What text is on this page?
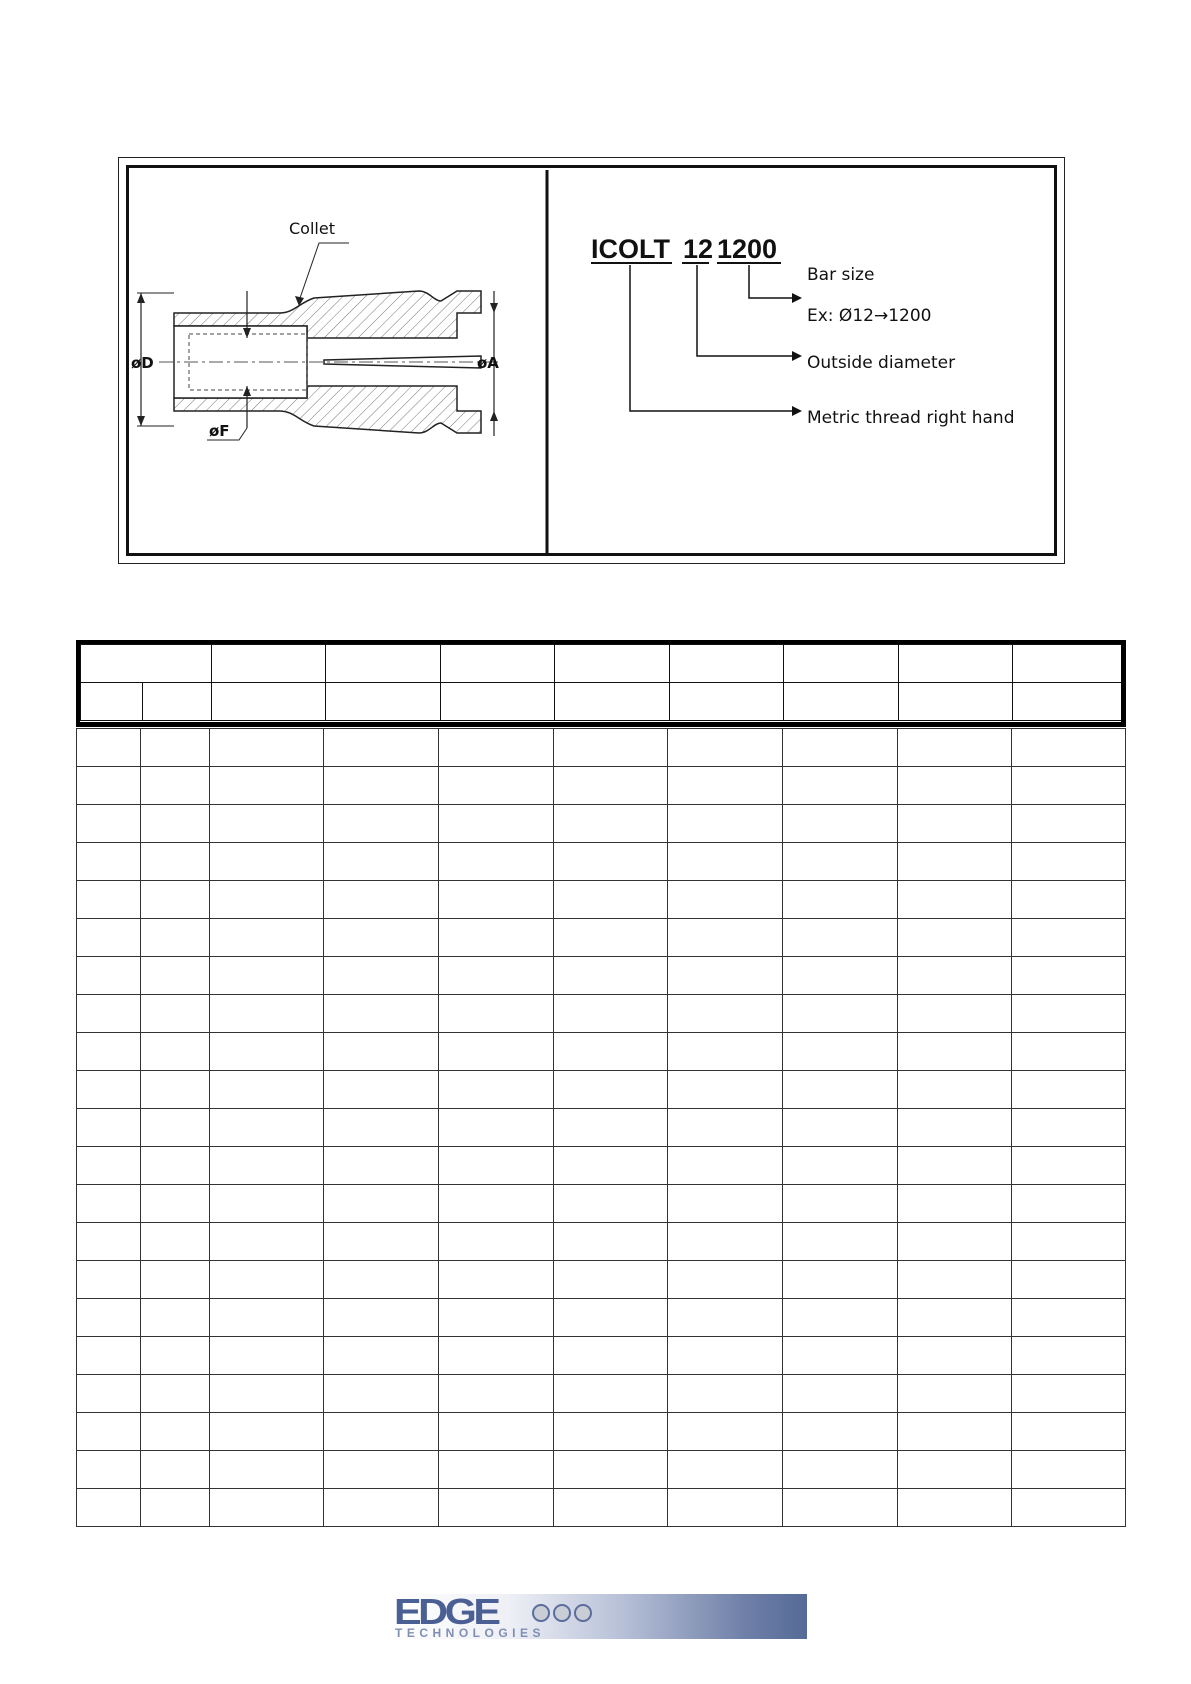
Collet
øD	øA
øF
ICOLT 12 1200
Bar size
Ex: Ø12→1200
Outside diameter
Metric thread right hand

EDGE
TECHNOLOGIES
